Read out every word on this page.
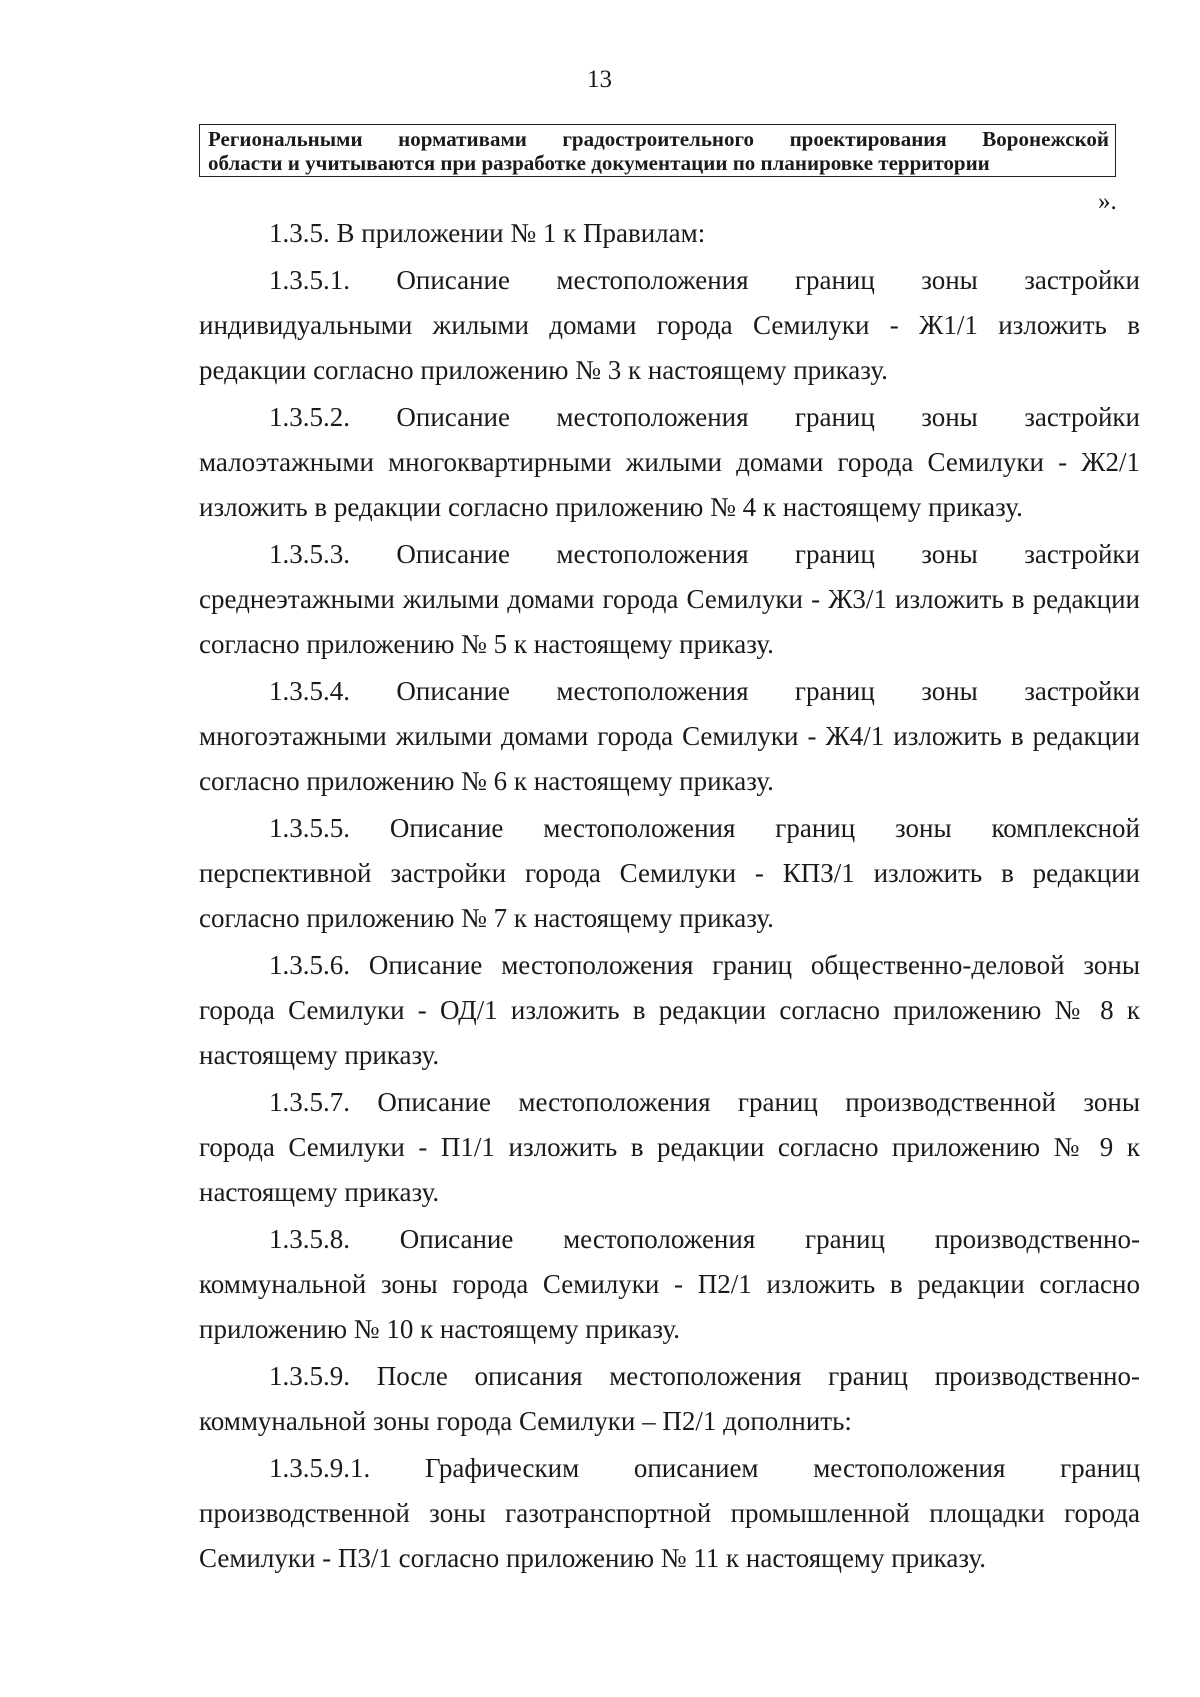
13
Региональными нормативами градостроительного проектирования Воронежской
области и учитываются при разработке документации по планировке территории
».
1.3.5. В приложении № 1 к Правилам:
1.3.5.1. Описание местоположения границ зоны застройки
индивидуальными жилыми домами города Семилуки - Ж1/1 изложить в редакции согласно приложению № 3 к настоящему приказу.
1.3.5.2. Описание местоположения границ зоны застройки
малоэтажными многоквартирными жилыми домами города Семилуки - Ж2/1 изложить в редакции согласно приложению № 4 к настоящему приказу.
1.3.5.3. Описание местоположения границ зоны застройки
среднеэтажными жилыми домами города Семилуки - Ж3/1 изложить в редакции согласно приложению № 5 к настоящему приказу.
1.3.5.4. Описание местоположения границ зоны застройки
многоэтажными жилыми домами города Семилуки - Ж4/1 изложить в редакции согласно приложению № 6 к настоящему приказу.
1.3.5.5. Описание местоположения границ зоны комплексной
перспективной застройки города Семилуки - КПЗ/1 изложить в редакции согласно приложению № 7 к настоящему приказу.
1.3.5.6. Описание местоположения границ общественно-деловой зоны
города Семилуки - ОД/1 изложить в редакции согласно приложению № 8 к настоящему приказу.
1.3.5.7. Описание местоположения границ производственной зоны
города Семилуки - П1/1 изложить в редакции согласно приложению № 9 к настоящему приказу.
1.3.5.8. Описание местоположения границ производственно-
коммунальной зоны города Семилуки - П2/1 изложить в редакции согласно приложению № 10 к настоящему приказу.
1.3.5.9. После описания местоположения границ производственно-
коммунальной зоны города Семилуки – П2/1 дополнить:
1.3.5.9.1. Графическим описанием местоположения границ
производственной зоны газотранспортной промышленной площадки города Семилуки - П3/1 согласно приложению № 11 к настоящему приказу.
